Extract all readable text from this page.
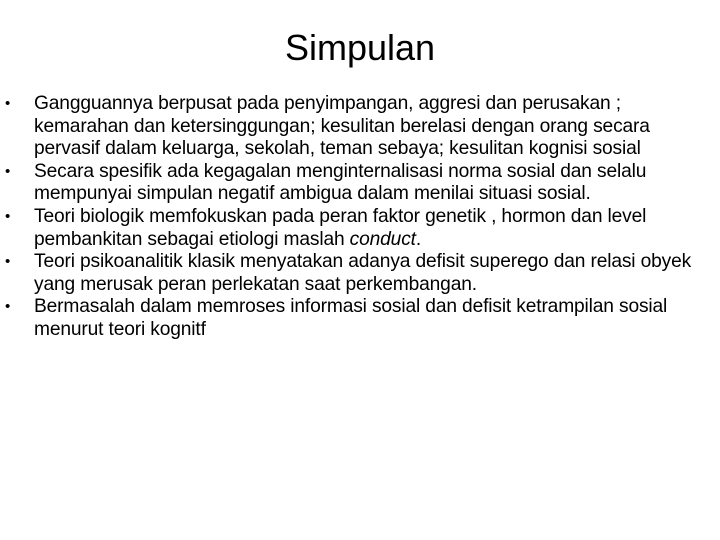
Simpulan
• Gangguannya berpusat pada penyimpangan, aggresi dan perusakan ; kemarahan dan ketersinggungan; kesulitan berelasi dengan orang secara pervasif dalam keluarga, sekolah, teman sebaya; kesulitan kognisi sosial
• Secara spesifik ada kegagalan menginternalisasi norma sosial dan selalu mempunyai simpulan negatif ambigua dalam menilai situasi sosial.
• Teori biologik memfokuskan pada peran faktor genetik , hormon dan level pembankitan sebagai etiologi maslah conduct.
• Teori psikoanalitik klasik menyatakan adanya defisit superego dan relasi obyek yang merusak peran perlekatan saat perkembangan.
• Bermasalah dalam memroses informasi sosial dan defisit ketrampilan sosial menurut teori kognitf
